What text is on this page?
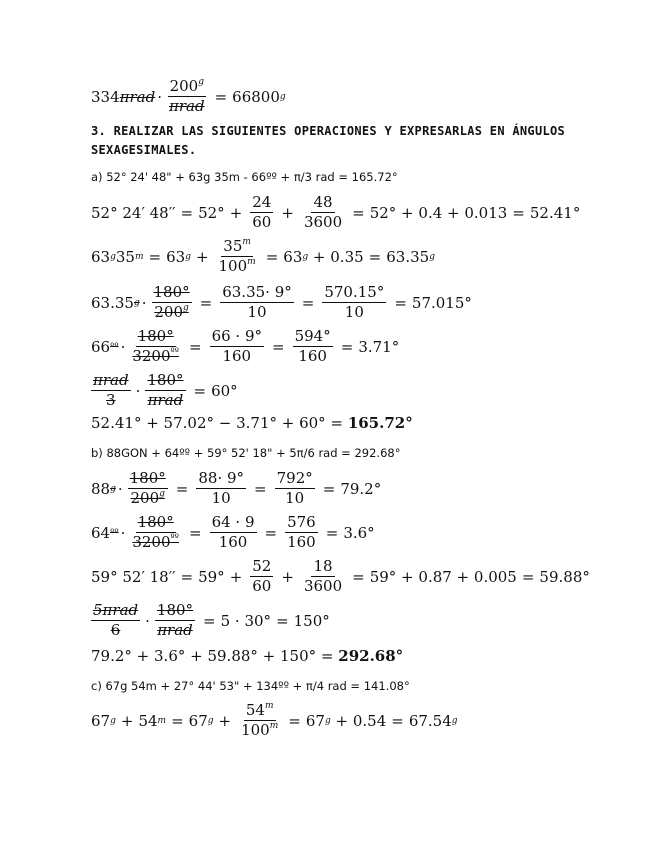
334 $\pi rad \cdot \frac{200^g}{\text{πrad}} = 66800$ g
3. REALIZAR LAS SIGUIENTES OPERACIONES Y EXPRESARLAS EN ÁNGULOS SEXAGESIMALES.
a) 52° 24' 48" + 63g 35m - 66ºº + π/3 rad = 165.72°
52° 24′ $48'' = 52^\circ + \frac{24}{60} + \frac{48}{3600} = 52^\circ + 0.4 + 0.013 = 52.41^\circ$
63 g 35 m = 63 $g + \frac{35^m}{100^m} = 63$ g
+ 0.35 = 63.35 g
63.35 $g \cdot \frac{180^\circ}{200^g} = \frac{63.35\cdot 9^\circ}{10} = \frac{570.15^\circ}{10} = 57.015^\circ$
66 ºº · $\frac{180^\circ}{3200^{ºº}} = \frac{66 \cdot 9^\circ}{160} = \frac{594^\circ}{160} = 3.71^\circ$
$\frac{\text{πrad}}{3} \cdot \frac{180^\circ}{\text{πrad}} = 60^\circ$
52.41° + 57.02° − 3.71° + 60° =
165.72°
b) 88GON + 64ºº + 59° 52' 18" + 5π/6 rad = 292.68°
88 $g \cdot \frac{180^\circ}{200^g} = \frac{88\cdot 9^\circ}{10} = \frac{792^\circ}{10} = 79.2^\circ$
64 ºº · $\frac{180^\circ}{3200^{ºº}} = \frac{64 \cdot 9}{160} = \frac{576}{160} = 3.6^\circ$
59° 52′ $18'' = 59^\circ + \frac{52}{60} + \frac{18}{3600} = 59^\circ + 0.87 + 0.005 = 59.88^\circ$
$\frac{\text{5πrad}}{6} \cdot \frac{180^\circ}{\text{πrad}} = 5 \cdot 30^\circ = 150^\circ$
79.2° + 3.6° + 59.88° + 150° =
292.68°
c) 67g 54m + 27° 44' 53" + 134ºº + π/4 rad = 141.08°
67 g + 54 m = 67 $g + \frac{54^m}{100^m} = 67$ g
+ 0.54 = 67.54 g
